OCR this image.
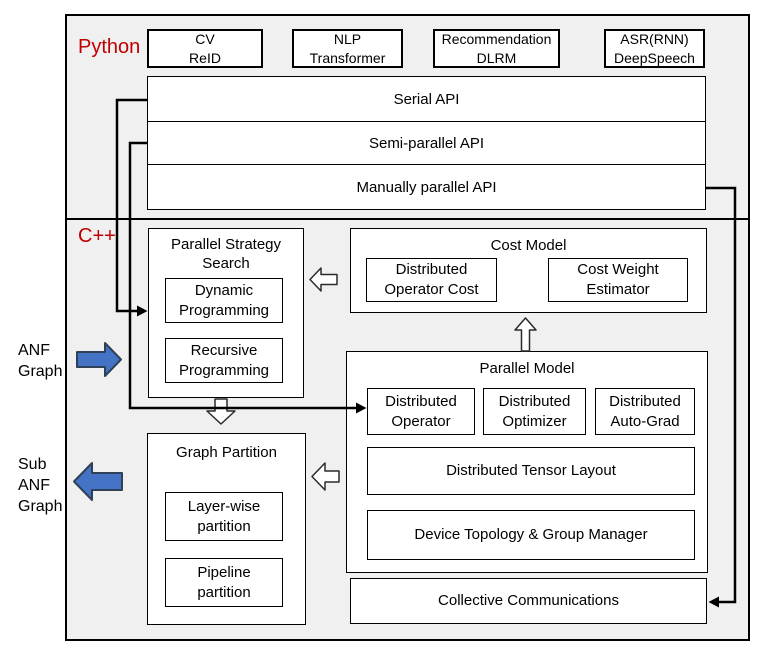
Python
C++
CV
ReID
NLP
Transformer
Recommendation
DLRM
ASR(RNN)
DeepSpeech
Serial API
Semi-parallel API
Manually parallel API
Parallel Strategy
Search
Dynamic
Programming
Recursive
Programming
Cost Model
Distributed
Operator Cost
Cost Weight
Estimator
Parallel Model
Distributed
Operator
Distributed
Optimizer
Distributed
Auto-Grad
Distributed Tensor Layout
Device Topology & Group Manager
Graph Partition
Layer-wise
partition
Pipeline
partition	Collective Communications
ANF Graph
Sub ANF Graph
